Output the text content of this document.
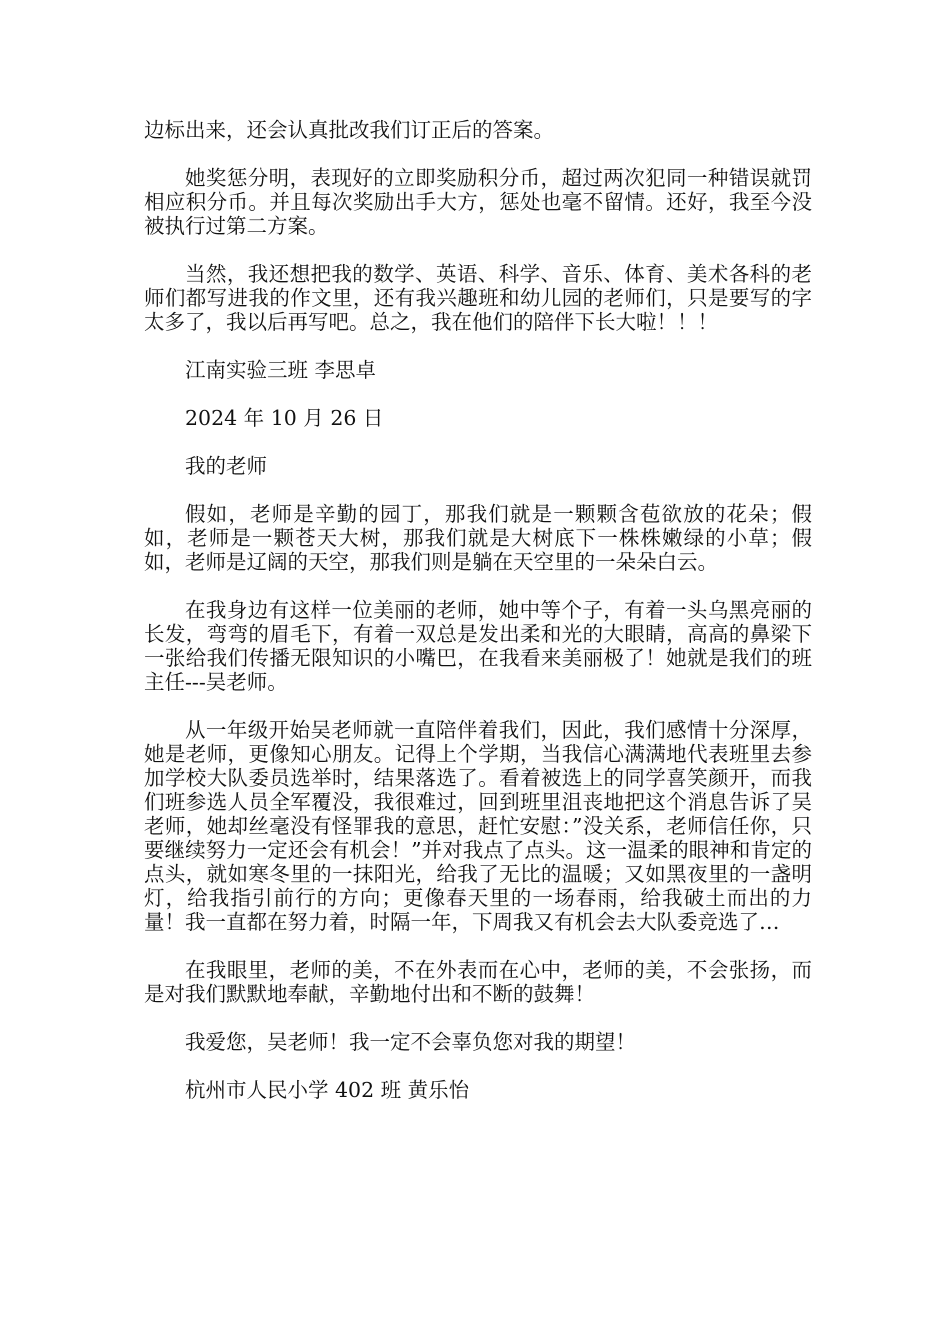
边标出来，还会认真批改我们订正后的答案。

她奖惩分明，表现好的立即奖励积分币，超过两次犯同一种错误就罚相应积分币。并且每次奖励出手大方，惩处也毫不留情。还好，我至今没被执行过第二方案。

当然，我还想把我的数学、英语、科学、音乐、体育、美术各科的老师们都写进我的作文里，还有我兴趣班和幼儿园的老师们，只是要写的字太多了，我以后再写吧。总之，我在他们的陪伴下长大啦！！！

江南实验三班 李思卓

2024 年 10 月 26 日

我的老师

假如，老师是辛勤的园丁，那我们就是一颗颗含苞欲放的花朵；假如，老师是一颗苍天大树，那我们就是大树底下一株株嫩绿的小草；假如，老师是辽阔的天空，那我们则是躺在天空里的一朵朵白云。

在我身边有这样一位美丽的老师，她中等个子，有着一头乌黑亮丽的长发，弯弯的眉毛下，有着一双总是发出柔和光的大眼睛，高高的鼻梁下一张给我们传播无限知识的小嘴巴，在我看来美丽极了！她就是我们的班主任---吴老师。

从一年级开始吴老师就一直陪伴着我们，因此，我们感情十分深厚，她是老师，更像知心朋友。记得上个学期，当我信心满满地代表班里去参加学校大队委员选举时，结果落选了。看着被选上的同学喜笑颜开，而我们班参选人员全军覆没，我很难过，回到班里沮丧地把这个消息告诉了吴老师，她却丝毫没有怪罪我的意思，赶忙安慰：”没关系，老师信任你，只要继续努力一定还会有机会！”并对我点了点头。这一温柔的眼神和肯定的点头，就如寒冬里的一抹阳光，给我了无比的温暖；又如黑夜里的一盏明灯，给我指引前行的方向；更像春天里的一场春雨，给我破土而出的力量！我一直都在努力着，时隔一年，下周我又有机会去大队委竞选了…

在我眼里，老师的美，不在外表而在心中，老师的美，不会张扬，而是对我们默默地奉献，辛勤地付出和不断的鼓舞！

我爱您，吴老师！我一定不会辜负您对我的期望！

杭州市人民小学 402 班 黄乐怡
